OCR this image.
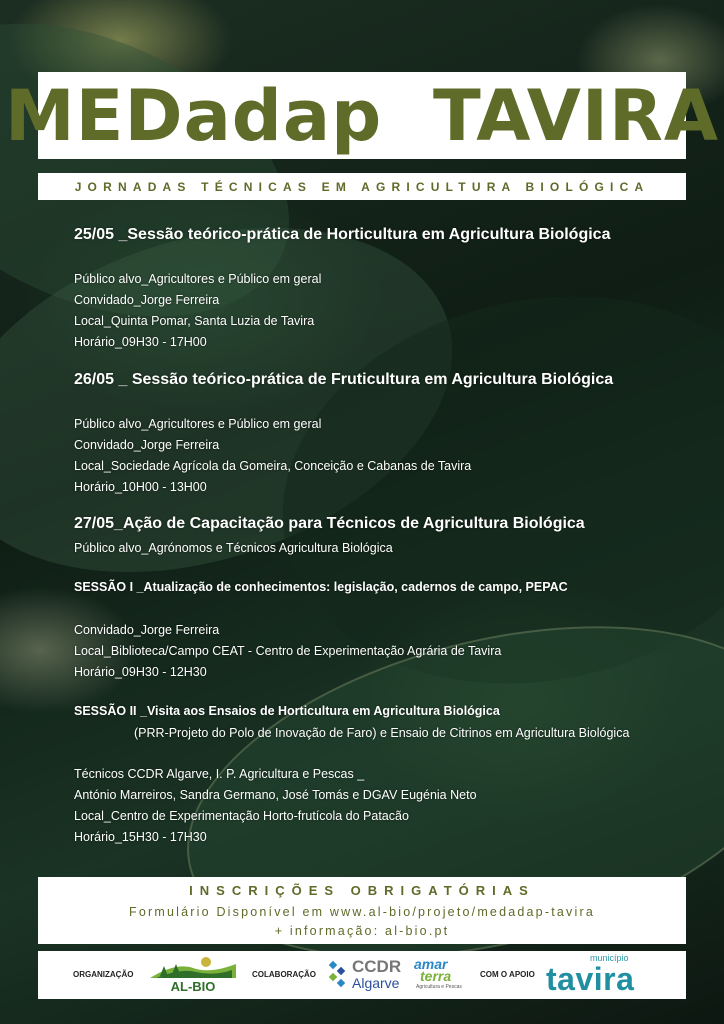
MEDadap  TAVIRA
JORNADAS TÉCNICAS EM AGRICULTURA BIOLÓGICA
25/05 _Sessão teórico-prática de Horticultura em Agricultura Biológica
Público alvo_Agricultores e Público em geral
Convidado_Jorge Ferreira
Local_Quinta Pomar, Santa Luzia de Tavira
Horário_09H30 - 17H00
26/05 _ Sessão teórico-prática de Fruticultura em Agricultura Biológica
Público alvo_Agricultores e Público em geral
Convidado_Jorge Ferreira
Local_Sociedade Agrícola da Gomeira, Conceição e Cabanas de Tavira
Horário_10H00 - 13H00
27/05_Ação de Capacitação para Técnicos de Agricultura Biológica
Público alvo_Agrónomos e Técnicos Agricultura Biológica
SESSÃO I _Atualização de conhecimentos: legislação, cadernos de campo, PEPAC
Convidado_Jorge Ferreira
Local_Biblioteca/Campo CEAT - Centro de Experimentação Agrária de Tavira
Horário_09H30 - 12H30
SESSÃO II _Visita aos Ensaios de Horticultura em Agricultura Biológica
(PRR-Projeto do Polo de Inovação de Faro) e Ensaio de Citrinos em Agricultura Biológica
Técnicos CCDR Algarve, I. P. Agricultura e Pescas _
António Marreiros, Sandra Germano, José Tomás e DGAV Eugénia Neto
Local_Centro de Experimentação Horto-frutícola do Patacão
Horário_15H30 - 17H30
INSCRIÇÕES OBRIGATÓRIAS
Formulário Disponível em www.al-bio/projeto/medadap-tavira
+ informação: al-bio.pt
ORGANIZAÇÃO
AL-BIO
COLABORAÇÃO CCDR
Algarve
amar
terra
Agricultura e Pescas
COM O APOIO
município
tavira
